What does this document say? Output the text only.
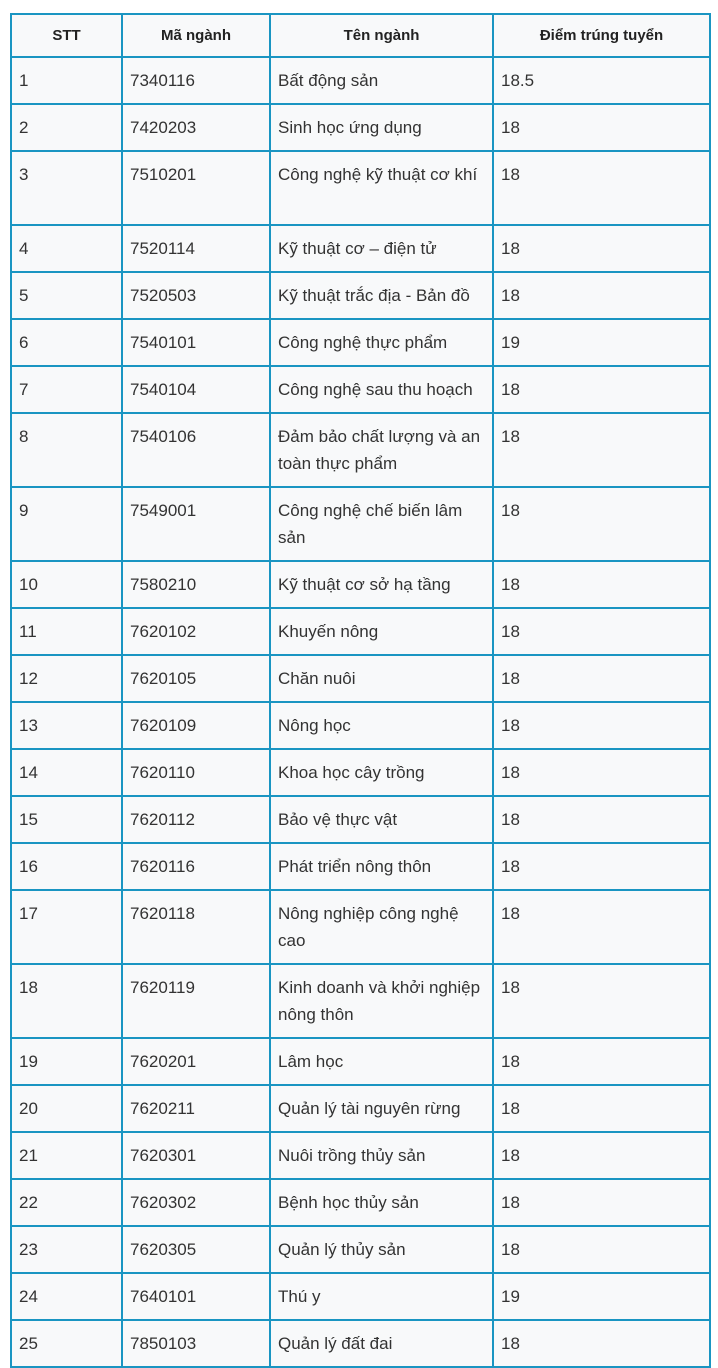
STT	Mã ngành	Tên ngành	Điểm trúng tuyển
1	7340116	Bất động sản	18.5
2	7420203	Sinh học ứng dụng	18
3	7510201	Công nghệ kỹ thuật cơ khí	18
4	7520114	Kỹ thuật cơ – điện tử	18
5	7520503	Kỹ thuật trắc địa - Bản đồ	18
6	7540101	Công nghệ thực phẩm	19
7	7540104	Công nghệ sau thu hoạch	18
8	7540106	Đảm bảo chất lượng và an toàn thực phẩm	18
9	7549001	Công nghệ chế biến lâm sản	18
10	7580210	Kỹ thuật cơ sở hạ tầng	18
11	7620102	Khuyến nông	18
12	7620105	Chăn nuôi	18
13	7620109	Nông học	18
14	7620110	Khoa học cây trồng	18
15	7620112	Bảo vệ thực vật	18
16	7620116	Phát triển nông thôn	18
17	7620118	Nông nghiệp công nghệ cao	18
18	7620119	Kinh doanh và khởi nghiệp nông thôn	18
19	7620201	Lâm học	18
20	7620211	Quản lý tài nguyên rừng	18
21	7620301	Nuôi trồng thủy sản	18
22	7620302	Bệnh học thủy sản	18
23	7620305	Quản lý thủy sản	18
24	7640101	Thú y	19
25	7850103	Quản lý đất đai	18
